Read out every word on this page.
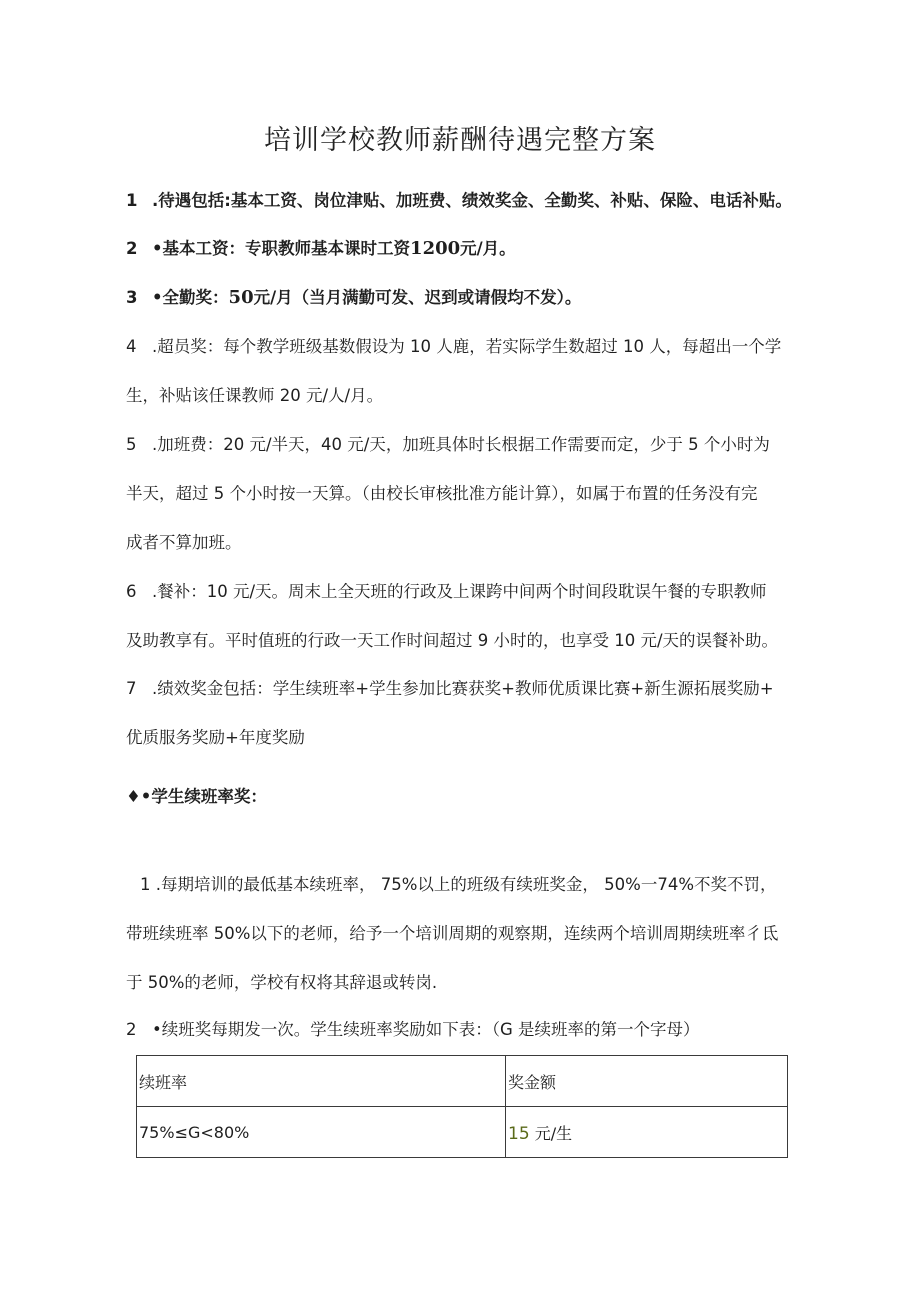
培训学校教师薪酬待遇完整方案
1 .待遇包括:基本工资、岗位津贴、加班费、绩效奖金、全勤奖、补贴、保险、电话补贴。
2 •基本工资：专职教师基本课时工资1200元/月。
3 •全勤奖：50元/月（当月满勤可发、迟到或请假均不发）。
4 .超员奖：每个教学班级基数假设为 10 人鹿，若实际学生数超过 10 人，每超出一个学
生，补贴该任课教师 20 元/人/月。
5 .加班费：20 元/半天，40 元/天，加班具体时长根据工作需要而定，少于 5 个小时为
半天，超过 5 个小时按一天算。（由校长审核批准方能计算），如属于布置的任务没有完
成者不算加班。
6 .餐补：10 元/天。周末上全天班的行政及上课跨中间两个时间段耽误午餐的专职教师
及助教享有。平时值班的行政一天工作时间超过 9 小时的，也享受 10 元/天的误餐补助。
7 .绩效奖金包括：学生续班率+学生参加比赛获奖+教师优质课比赛+新生源拓展奖励+
优质服务奖励+年度奖励
♦•学生续班率奖：
1 .每期培训的最低基本续班率， 75%以上的班级有续班奖金， 50%一74%不奖不罚，
带班续班率 50%以下的老师，给予一个培训周期的观察期，连续两个培训周期续班率彳氐
于 50%的老师，学校有权将其辞退或转岗.
2 •续班奖每期发一次。学生续班率奖励如下表：（G 是续班率的第一个字母）
续班率	奖金额
75%≤G<80%	15 元/生
